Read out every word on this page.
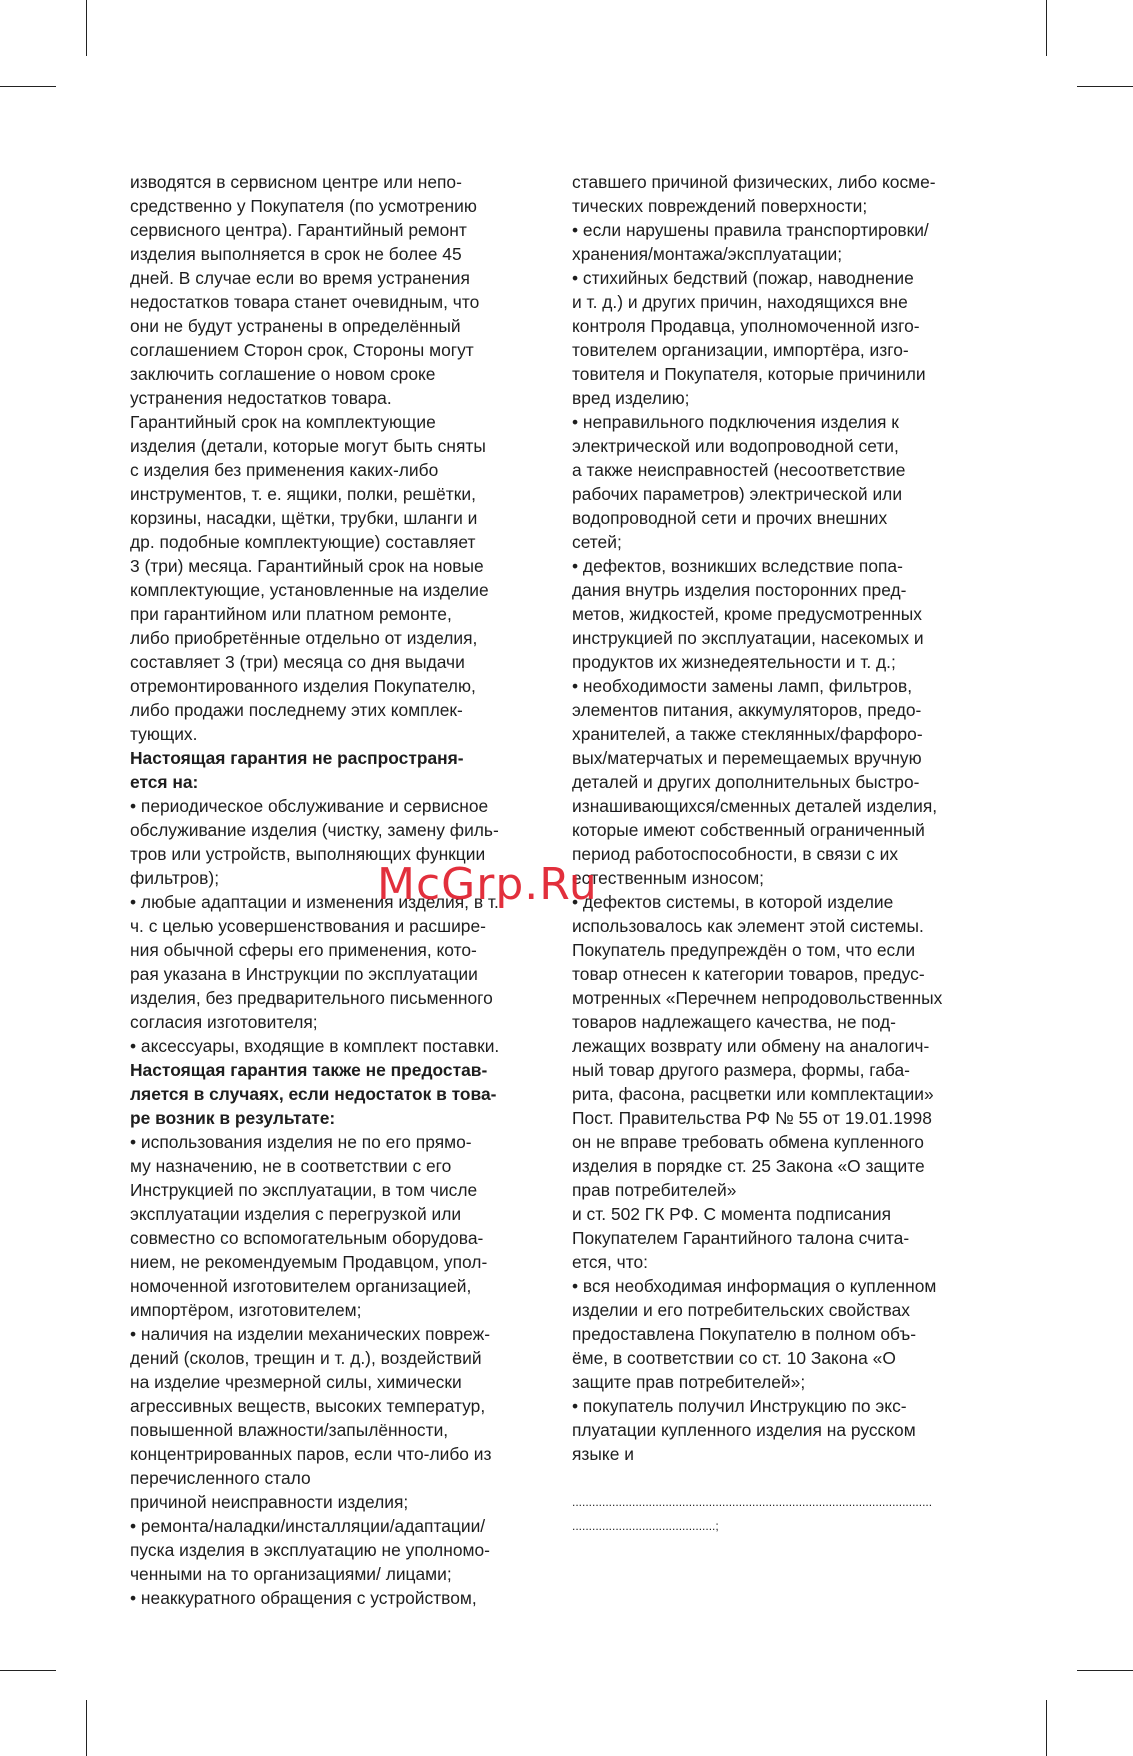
изводятся в сервисном центре или непо-
средственно у Покупателя (по усмотрению
сервисного центра). Гарантийный ремонт
изделия выполняется в срок не более 45
дней. В случае если во время устранения
недостатков товара станет очевидным, что
они не будут устранены в определённый
соглашением Сторон срок, Стороны могут
заключить соглашение о новом сроке
устранения недостатков товара.
Гарантийный срок на комплектующие
изделия (детали, которые могут быть сняты
с изделия без применения каких-либо
инструментов, т. е. ящики, полки, решётки,
корзины, насадки, щётки, трубки, шланги и
др. подобные комплектующие) составляет
3 (три) месяца. Гарантийный срок на новые
комплектующие, установленные на изделие
при гарантийном или платном ремонте,
либо приобретённые отдельно от изделия,
составляет 3 (три) месяца со дня выдачи
отремонтированного изделия Покупателю,
либо продажи последнему этих комплек-
тующих.
Настоящая гарантия не распространя-
ется на:
• периодическое обслуживание и сервисное
обслуживание изделия (чистку, замену филь-
тров или устройств, выполняющих функции
фильтров);
• любые адаптации и изменения изделия, в т.
ч. с целью усовершенствования и расшире-
ния обычной сферы его применения, кото-
рая указана в Инструкции по эксплуатации
изделия, без предварительного письменного
согласия изготовителя;
• аксессуары, входящие в комплект поставки.
Настоящая гарантия также не предостав-
ляется в случаях, если недостаток в това-
ре возник в результате:
• использования изделия не по его прямо-
му назначению, не в соответствии с его
Инструкцией по эксплуатации, в том числе
эксплуатации изделия с перегрузкой или
совместно со вспомогательным оборудова-
нием, не рекомендуемым Продавцом, упол-
номоченной изготовителем организацией,
импортёром, изготовителем;
• наличия на изделии механических повреж-
дений (сколов, трещин и т. д.), воздействий
на изделие чрезмерной силы, химически
агрессивных веществ, высоких температур,
повышенной влажности/запылённости,
концентрированных паров, если что-либо из
перечисленного стало
причиной неисправности изделия;
• ремонта/наладки/инсталляции/адаптации/
пуска изделия в эксплуатацию не уполномо-
ченными на то организациями/ лицами;
• неаккуратного обращения с устройством,
ставшего причиной физических, либо космe-
тических повреждений поверхности;
• если нарушены правила транспортировки/
хранения/монтажа/эксплуатации;
• стихийных бедствий (пожар, наводнение
и т. д.) и других причин, находящихся вне
контроля Продавца, уполномоченной изго-
товителем организации, импортёра, изго-
товителя и Покупателя, которые причинили
вред изделию;
• неправильного подключения изделия к
электрической или водопроводной сети,
а также неисправностей (несоответствие
рабочих параметров) электрической или
водопроводной сети и прочих внешних
сетей;
• дефектов, возникших вследствие попа-
дания внутрь изделия посторонних пред-
метов, жидкостей, кроме предусмотренных
инструкцией по эксплуатации, насекомых и
продуктов их жизнедеятельности и т. д.;
• необходимости замены ламп, фильтров,
элементов питания, аккумуляторов, предо-
хранителей, а также стеклянных/фарфоро-
вых/матерчатых и перемещаемых вручную
деталей и других дополнительных быстро-
изнашивающихся/сменных деталей изделия,
которые имеют собственный ограниченный
период работоспособности, в связи с их
естественным износом;
• дефектов системы, в которой изделие
использовалось как элемент этой системы.
Покупатель предупреждён о том, что если
товар отнесен к категории товаров, предус-
мотренных «Перечнем непродовольственных
товаров надлежащего качества, не под-
лежащих возврату или обмену на аналогич-
ный товар другого размера, формы, габа-
рита, фасона, расцветки или комплектации»
Пост. Правительства РФ № 55 от 19.01.1998
он не вправе требовать обмена купленного
изделия в порядке ст. 25 Закона «О защите
прав потребителей»
и ст. 502 ГК РФ. С момента подписания
Покупателем Гарантийного талона счита-
ется, что:
• вся необходимая информация о купленном
изделии и его потребительских свойствах
предоставлена Покупателю в полном объ-
ёме, в соответствии со ст. 10 Закона «О
защите прав потребителей»;
• покупатель получил Инструкцию по экс-
плуатации купленного изделия на русском
языке и
............................................................................................................
...........................................;
McGrp.Ru
